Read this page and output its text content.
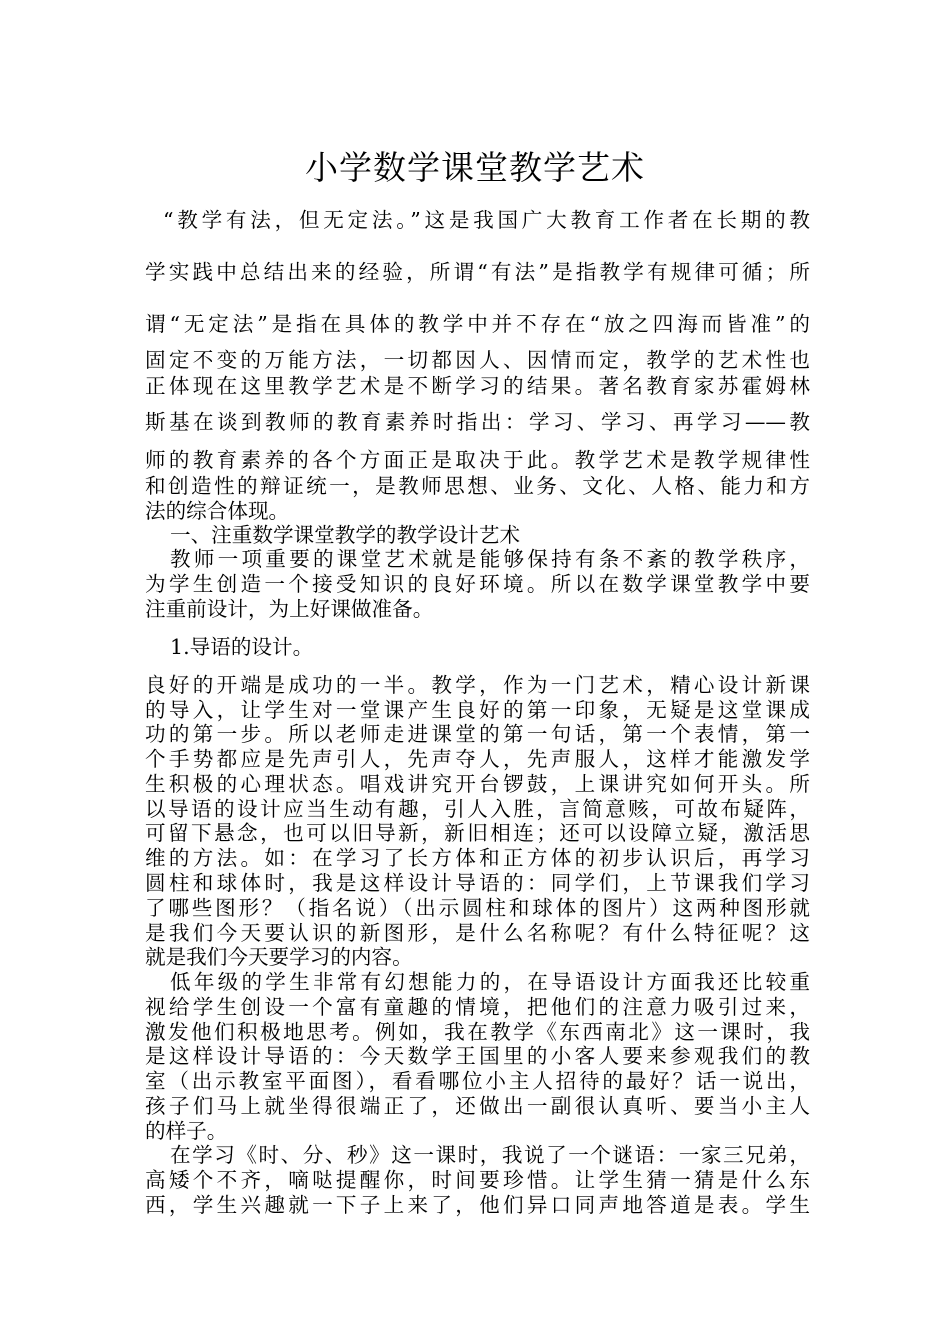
小学数学课堂教学艺术

“教学有法，但无定法。”这是我国广大教育工作者在长期的教

学实践中总结出来的经验，所谓“有法”是指教学有规律可循；所

谓“无定法”是指在具体的教学中并不存在“放之四海而皆准”的

固定不变的万能方法，一切都因人、因情而定，教学的艺术性也

正体现在这里教学艺术是不断学习的结果。著名教育家苏霍姆林

斯基在谈到教师的教育素养时指出：学习、学习、再学习——教

师的教育素养的各个方面正是取决于此。教学艺术是教学规律性

和创造性的辩证统一，是教师思想、业务、文化、人格、能力和方

法的综合体现。

一、注重数学课堂教学的教学设计艺术

教师一项重要的课堂艺术就是能够保持有条不紊的教学秩序，

为学生创造一个接受知识的良好环境。所以在数学课堂教学中要

注重前设计，为上好课做准备。

1.导语的设计。

良好的开端是成功的一半。教学，作为一门艺术，精心设计新课

的导入，让学生对一堂课产生良好的第一印象，无疑是这堂课成

功的第一步。所以老师走进课堂的第一句话，第一个表情，第一

个手势都应是先声引人，先声夺人，先声服人，这样才能激发学

生积极的心理状态。唱戏讲究开台锣鼓，上课讲究如何开头。所

以导语的设计应当生动有趣，引人入胜，言简意赅，可故布疑阵，

可留下悬念，也可以旧导新，新旧相连；还可以设障立疑，激活思

维的方法。如：在学习了长方体和正方体的初步认识后，再学习

圆柱和球体时，我是这样设计导语的：同学们，上节课我们学习

了哪些图形？（指名说）（出示圆柱和球体的图片）这两种图形就

是我们今天要认识的新图形，是什么名称呢？有什么特征呢？这

就是我们今天要学习的内容。

低年级的学生非常有幻想能力的，在导语设计方面我还比较重

视给学生创设一个富有童趣的情境，把他们的注意力吸引过来，

激发他们积极地思考。例如，我在教学《东西南北》这一课时，我

是这样设计导语的：今天数学王国里的小客人要来参观我们的教

室（出示教室平面图），看看哪位小主人招待的最好？话一说出，

孩子们马上就坐得很端正了，还做出一副很认真听、要当小主人

的样子。

在学习《时、分、秒》这一课时，我说了一个谜语：一家三兄弟，

高矮个不齐，嘀哒提醒你，时间要珍惜。让学生猜一猜是什么东

西，学生兴趣就一下子上来了，他们异口同声地答道是表。学生
